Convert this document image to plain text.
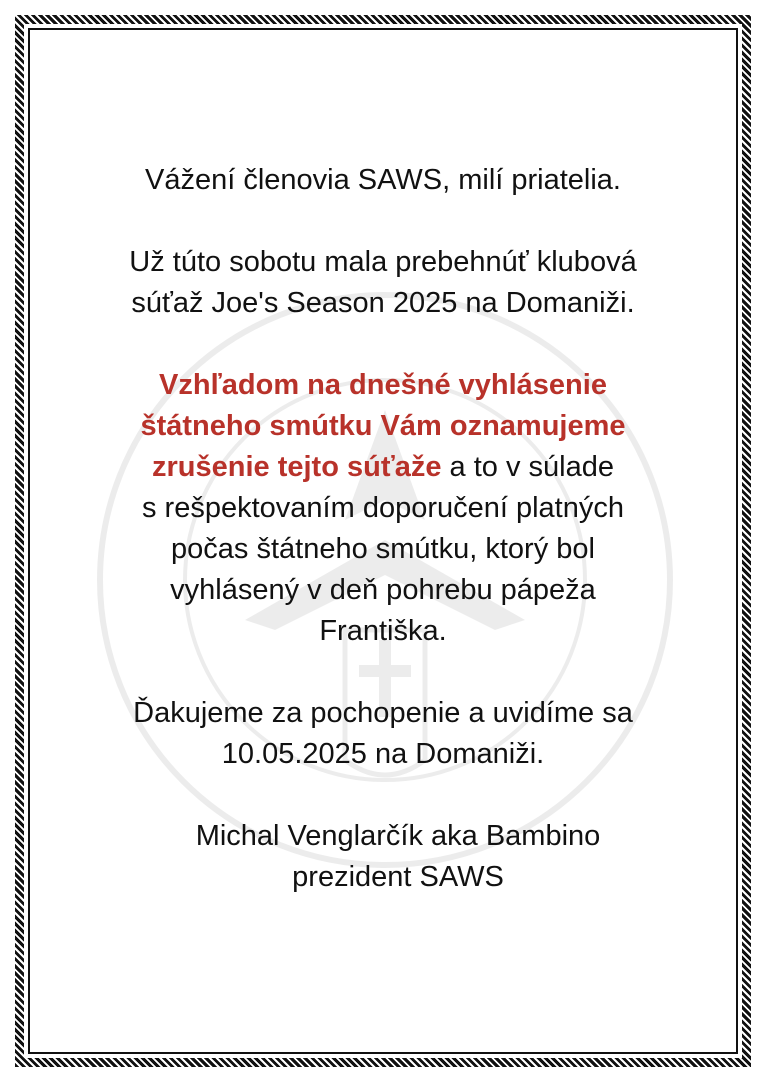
Vážení členovia SAWS, milí priatelia.

Už túto sobotu mala prebehnúť klubová
súťaž Joe's Season 2025 na Domaniži.

Vzhľadom na dnešné vyhlásenie
štátneho smútku Vám oznamujeme
zrušenie tejto súťaže a to v súlade
s rešpektovaním doporučení platných
počas štátneho smútku, ktorý bol
vyhlásený v deň pohrebu pápeža
Františka.

Ďakujeme za pochopenie a uvidíme sa
10.05.2025 na Domaniži.

Michal Venglarčík aka Bambino
prezident SAWS
